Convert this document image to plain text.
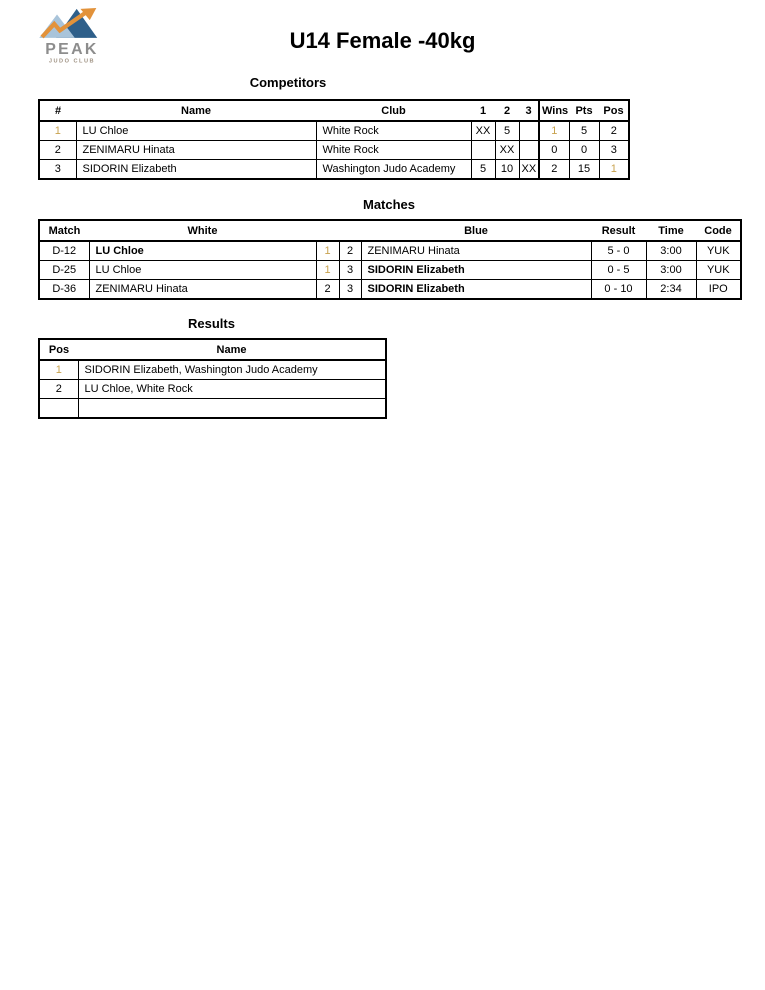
PEAK
JUDO CLUB
U14 Female -40kg
Competitors
#	Name	Club	1	2	3	Wins	Pts	Pos
1	LU Chloe	White Rock	XX	5		1	5	2
2	ZENIMARU Hinata	White Rock		XX		0	0	3
3	SIDORIN Elizabeth	Washington Judo Academy	5	10	XX	2	15	1
Matches
Match	White			Blue	Result	Time	Code
D-12	LU Chloe	1	2	ZENIMARU Hinata	5 - 0	3:00	YUK
D-25	LU Chloe	1	3	SIDORIN Elizabeth	0 - 5	3:00	YUK
D-36	ZENIMARU Hinata	2	3	SIDORIN Elizabeth	0 - 10	2:34	IPO
Results
Pos	Name
1	SIDORIN Elizabeth, Washington Judo Academy
2	LU Chloe, White Rock
